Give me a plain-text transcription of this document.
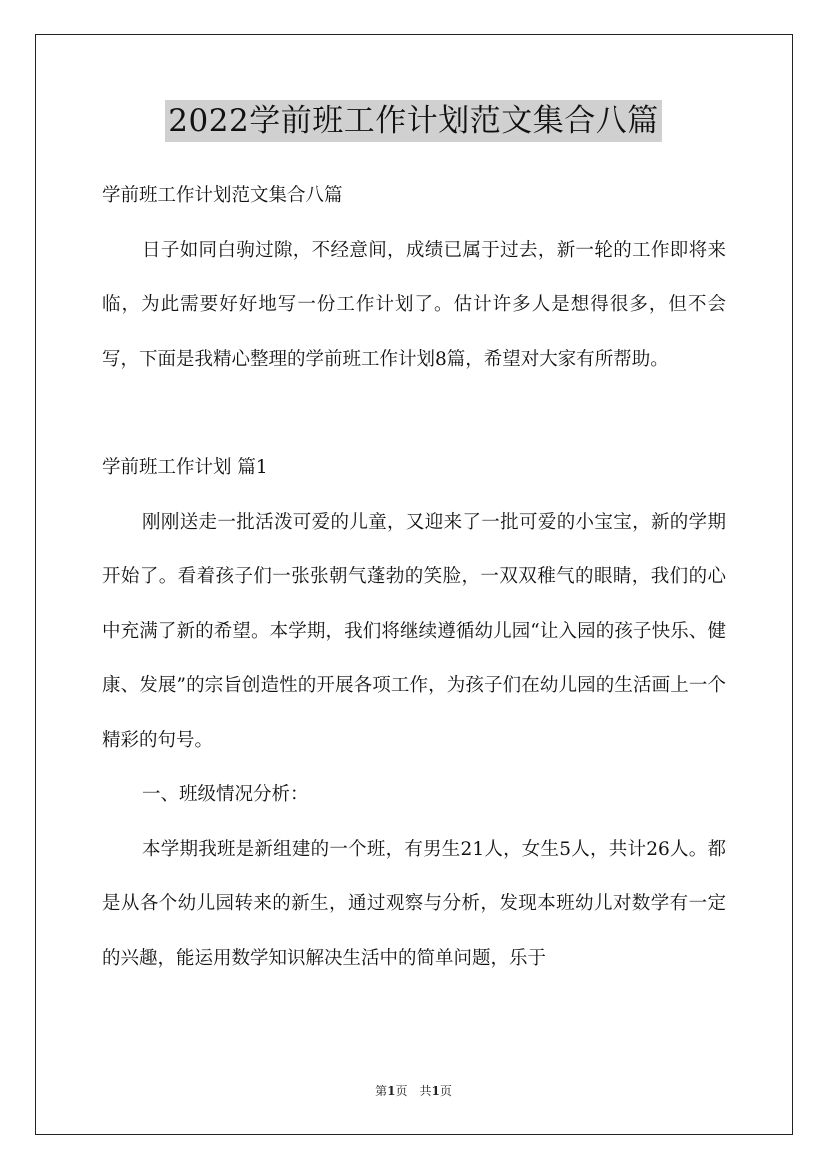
2022学前班工作计划范文集合八篇

学前班工作计划范文集合八篇

日子如同白驹过隙，不经意间，成绩已属于过去，新一轮的工作即将来临，为此需要好好地写一份工作计划了。估计许多人是想得很多，但不会写，下面是我精心整理的学前班工作计划8篇，希望对大家有所帮助。

学前班工作计划 篇1

刚刚送走一批活泼可爱的儿童，又迎来了一批可爱的小宝宝，新的学期开始了。看着孩子们一张张朝气蓬勃的笑脸，一双双稚气的眼睛，我们的心中充满了新的希望。本学期，我们将继续遵循幼儿园“让入园的孩子快乐、健康、发展”的宗旨创造性的开展各项工作，为孩子们在幼儿园的生活画上一个精彩的句号。

一、班级情况分析：

本学期我班是新组建的一个班，有男生21人，女生5人，共计26人。都是从各个幼儿园转来的新生，通过观察与分析，发现本班幼儿对数学有一定的兴趣，能运用数学知识解决生活中的简单问题，乐于

第1页　共1页
